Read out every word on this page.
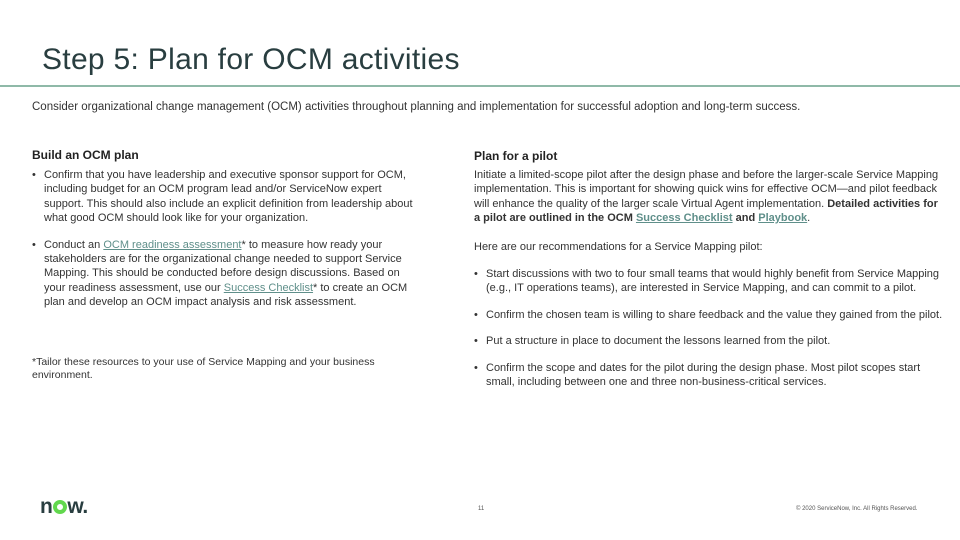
Step 5: Plan for OCM activities
Consider organizational change management (OCM) activities throughout planning and implementation for successful adoption and long-term success.
Build an OCM plan	Plan for a pilot
• Confirm that you have leadership and executive sponsor support for OCM, including budget for an OCM program lead and/or ServiceNow expert support. This should also include an explicit definition from leadership about what good OCM should look like for your organization.
• Conduct an OCM readiness assessment* to measure how ready your stakeholders are for the organizational change needed to support Service Mapping. This should be conducted before design discussions. Based on your readiness assessment, use our Success Checklist* to create an OCM plan and develop an OCM impact analysis and risk assessment.
*Tailor these resources to your use of Service Mapping and your business environment.

Initiate a limited-scope pilot after the design phase and before the larger-scale Service Mapping implementation. This is important for showing quick wins for effective OCM—and pilot feedback will enhance the quality of the larger scale Virtual Agent implementation. Detailed activities for a pilot are outlined in the OCM Success Checklist and Playbook.

Here are our recommendations for a Service Mapping pilot:

• Start discussions with two to four small teams that would highly benefit from Service Mapping (e.g., IT operations teams), are interested in Service Mapping, and can commit to a pilot.
• Confirm the chosen team is willing to share feedback and the value they gained from the pilot.
• Put a structure in place to document the lessons learned from the pilot.
• Confirm the scope and dates for the pilot during the design phase. Most pilot scopes start small, including between one and three non-business-critical services.
n w.	11	© 2020 ServiceNow, Inc. All Rights Reserved.
